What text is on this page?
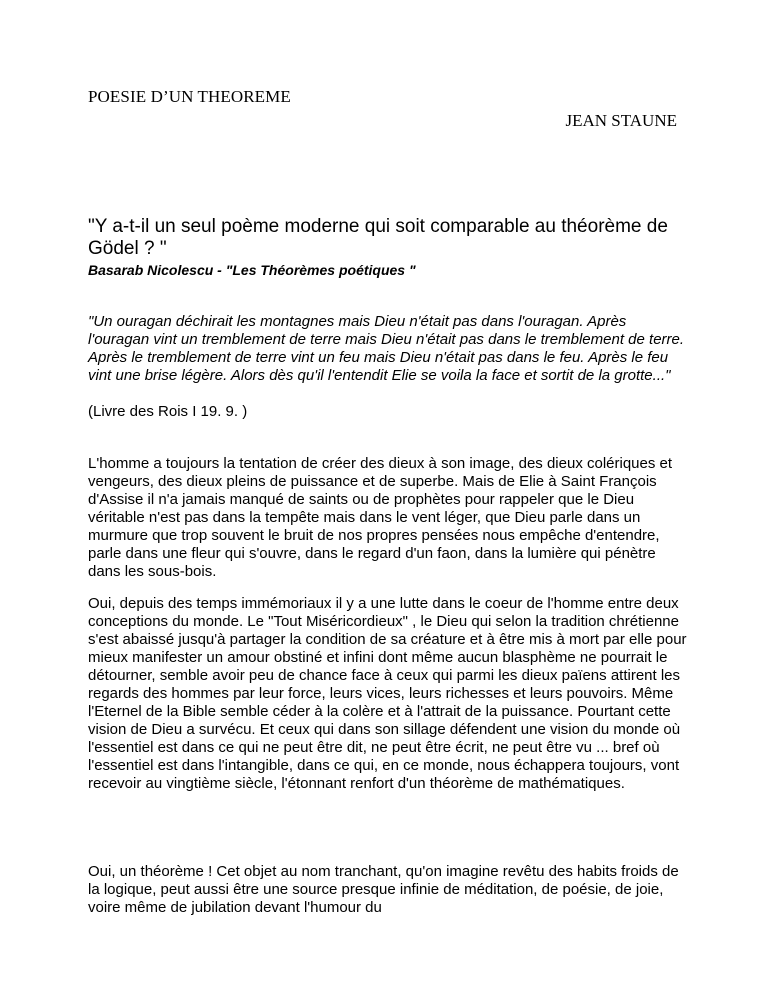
POESIE D’UN THEOREME

JEAN STAUNE

"Y a-t-il un seul poème moderne qui soit comparable au théorème de Gödel ? "

Basarab Nicolescu - "Les Théorèmes poétiques "

"Un ouragan déchirait les montagnes mais Dieu n'était pas dans l'ouragan. Après l'ouragan vint un tremblement de terre mais Dieu n'était pas dans le tremblement de terre. Après le tremblement de terre vint un feu mais Dieu n'était pas dans le feu. Après le feu vint une brise légère. Alors dès qu'il l'entendit Elie se voila la face et sortit de la grotte..."

(Livre des Rois I 19. 9. )

L'homme a toujours la tentation de créer des dieux à son image, des dieux colériques et vengeurs, des dieux pleins de puissance et de superbe. Mais de Elie à Saint François d'Assise il n'a jamais manqué de saints ou de prophètes pour rappeler que le Dieu véritable n'est pas dans la tempête mais dans le vent léger, que Dieu parle dans un murmure que trop souvent le bruit de nos propres pensées nous empêche d'entendre, parle dans une fleur qui s'ouvre, dans le regard d'un faon, dans la lumière qui pénètre dans les sous-bois.

Oui, depuis des temps immémoriaux il y a une lutte dans le coeur de l'homme entre deux conceptions du monde. Le "Tout Miséricordieux" , le Dieu qui selon la tradition chrétienne s'est abaissé jusqu'à partager la condition de sa créature et à être mis à mort par elle pour mieux manifester un amour obstiné et infini dont même aucun blasphème ne pourrait le détourner, semble avoir peu de chance face à ceux qui parmi les dieux païens attirent les regards des hommes par leur force, leurs vices, leurs richesses et leurs pouvoirs. Même l'Eternel de la Bible semble céder à la colère et à l'attrait de la puissance. Pourtant cette vision de Dieu a survécu. Et ceux qui dans son sillage défendent une vision du monde où l'essentiel est dans ce qui ne peut être dit, ne peut être écrit, ne peut être vu ... bref où l'essentiel est dans l'intangible, dans ce qui, en ce monde, nous échappera toujours, vont recevoir au vingtième siècle, l'étonnant renfort d'un théorème de mathématiques.

Oui, un théorème ! Cet objet au nom tranchant, qu'on imagine revêtu des habits froids de la logique, peut aussi être une source presque infinie de méditation, de poésie, de joie, voire même de jubilation devant l'humour du
